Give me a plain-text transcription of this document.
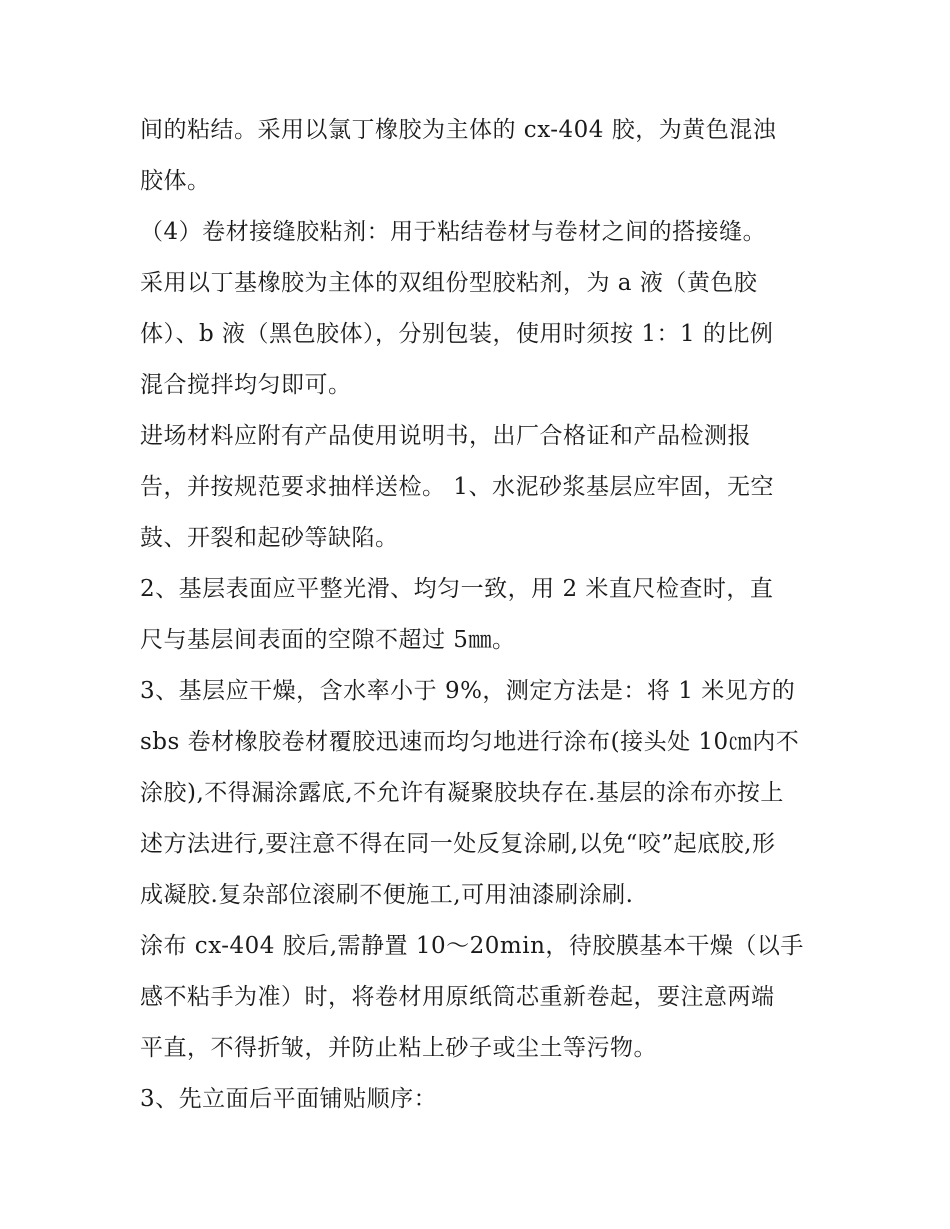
间的粘结。采用以氯丁橡胶为主体的 cx-404 胶，为黄色混浊
胶体。
（4）卷材接缝胶粘剂：用于粘结卷材与卷材之间的搭接缝。
采用以丁基橡胶为主体的双组份型胶粘剂，为 a 液（黄色胶
体）、b 液（黑色胶体），分别包装，使用时须按 1：1 的比例
混合搅拌均匀即可。
进场材料应附有产品使用说明书，出厂合格证和产品检测报
告，并按规范要求抽样送检。 1、水泥砂浆基层应牢固，无空
鼓、开裂和起砂等缺陷。
2、基层表面应平整光滑、均匀一致，用 2 米直尺检查时，直
尺与基层间表面的空隙不超过 5㎜。
3、基层应干燥，含水率小于 9%，测定方法是：将 1 米见方的
sbs 卷材橡胶卷材覆胶迅速而均匀地进行涂布(接头处 10㎝内不
涂胶),不得漏涂露底,不允许有凝聚胶块存在.基层的涂布亦按上
述方法进行,要注意不得在同一处反复涂刷,以免“咬”起底胶,形
成凝胶.复杂部位滚刷不便施工,可用油漆刷涂刷.
涂布 cx-404 胶后,需静置 10～20min，待胶膜基本干燥（以手
感不粘手为准）时，将卷材用原纸筒芯重新卷起，要注意两端
平直，不得折皱，并防止粘上砂子或尘土等污物。
3、先立面后平面铺贴顺序：
